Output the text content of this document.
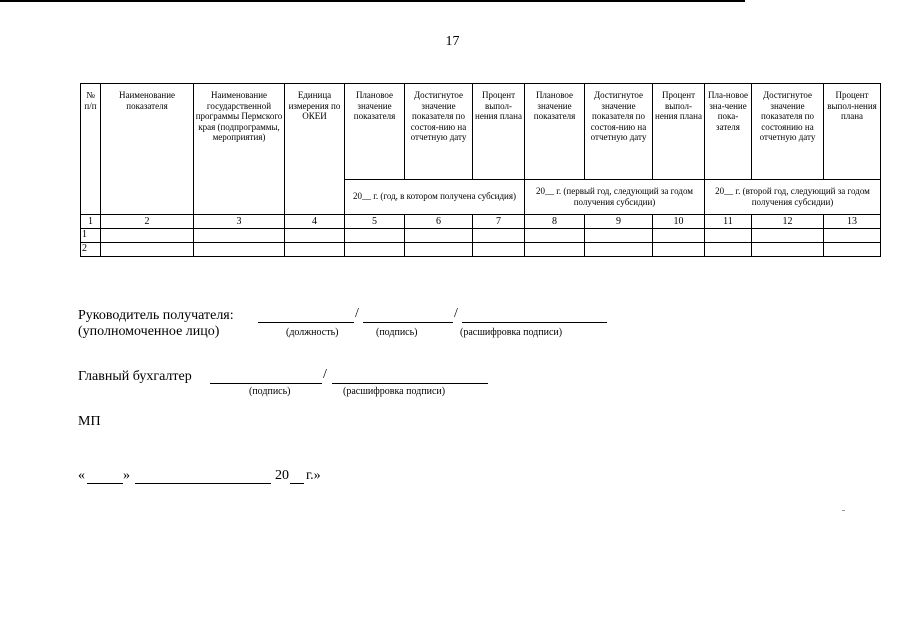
17
№ п/п	Наименование показателя	Наименование государственной программы Пермского края (подпрограммы, мероприятия)	Единица измерения по ОКЕИ	Плановое значение показателя	Достигнутое значение показателя по состоя-нию на отчетную дату	Процент выпол-нения плана	Плановое значение показателя	Достигнутое значение показателя по состоя-нию на отчетную дату	Процент выпол-нения плана	Пла-новое зна-чение пока-зателя	Достигнутое значение показателя по состоянию на отчетную дату	Процент выпол-нения плана
				20__ г. (год, в котором получена субсидия)			20__ г. (первый год, следующий за годом получения субсидии)			20__ г. (второй год, следующий за годом получения субсидии)		
1	2	3	4	5	6	7	8	9	10	11	12	13
1												
2												
Руководитель получателя:	/	/
(уполномоченное лицо)	(должность)	(подпись)	(расшифровка подписи)
Главный бухгалтер	/
(подпись)	(расшифровка подписи)
МП
«	»	20 г.»
